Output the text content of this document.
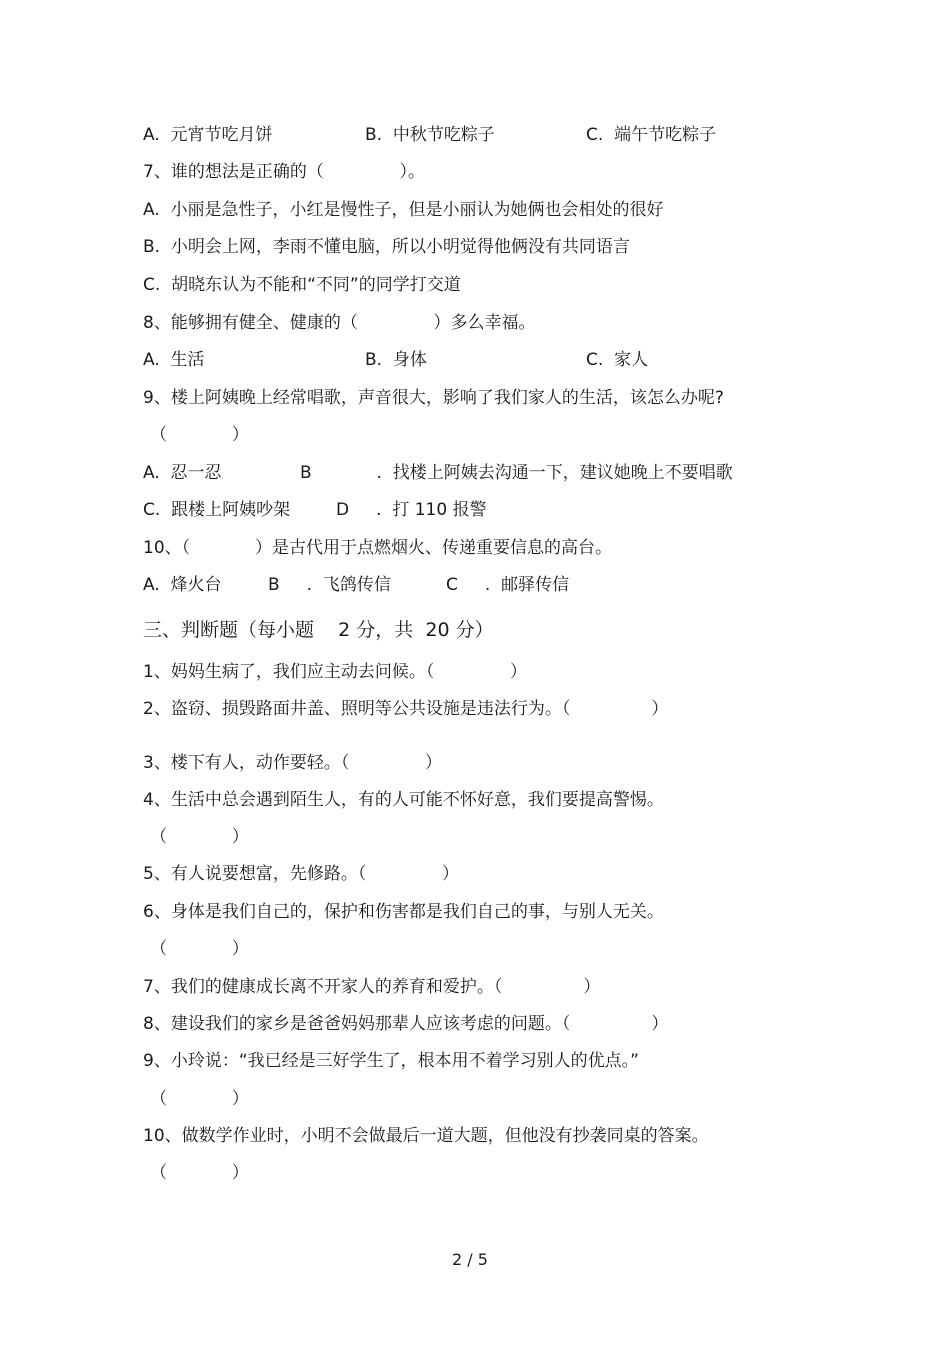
A.  元宵节吃月饼	B.  中秋节吃粽子	C.  端午节吃粽子
7、谁的想法是正确的（              ）。
A.  小丽是急性子，小红是慢性子，但是小丽认为她俩也会相处的很好
B.  小明会上网，李雨不懂电脑，所以小明觉得他俩没有共同语言
C.  胡晓东认为不能和“不同”的同学打交道
8、能够拥有健全、健康的（              ）多么幸福。
A.  生活	B.  身体	C.  家人
9、楼上阿姨晚上经常唱歌，声音很大，影响了我们家人的生活，该怎么办呢?
（            ）
A.  忍一忍	B            .  找楼上阿姨去沟通一下，建议她晚上不要唱歌
C.  跟楼上阿姨吵架	D     .  打 110 报警
10、（            ）是古代用于点燃烟火、传递重要信息的高台。
A.  烽火台	B     .  飞鸽传信	C     .  邮驿传信
三、判断题（每小题    2 分，共  20 分）
1、妈妈生病了，我们应主动去问候。（              ）
2、盗窃、损毁路面井盖、照明等公共设施是违法行为。（               ）
3、楼下有人，动作要轻。（              ）
4、生活中总会遇到陌生人，有的人可能不怀好意，我们要提高警惕。
（            ）
5、有人说要想富，先修路。（              ）
6、身体是我们自己的，保护和伤害都是我们自己的事，与别人无关。
（            ）
7、我们的健康成长离不开家人的养育和爱护。（               ）
8、建设我们的家乡是爸爸妈妈那辈人应该考虑的问题。（               ）
9、小玲说：“我已经是三好学生了，根本用不着学习别人的优点。”
（            ）
10、做数学作业时，小明不会做最后一道大题，但他没有抄袭同桌的答案。
（            ）
2 / 5
